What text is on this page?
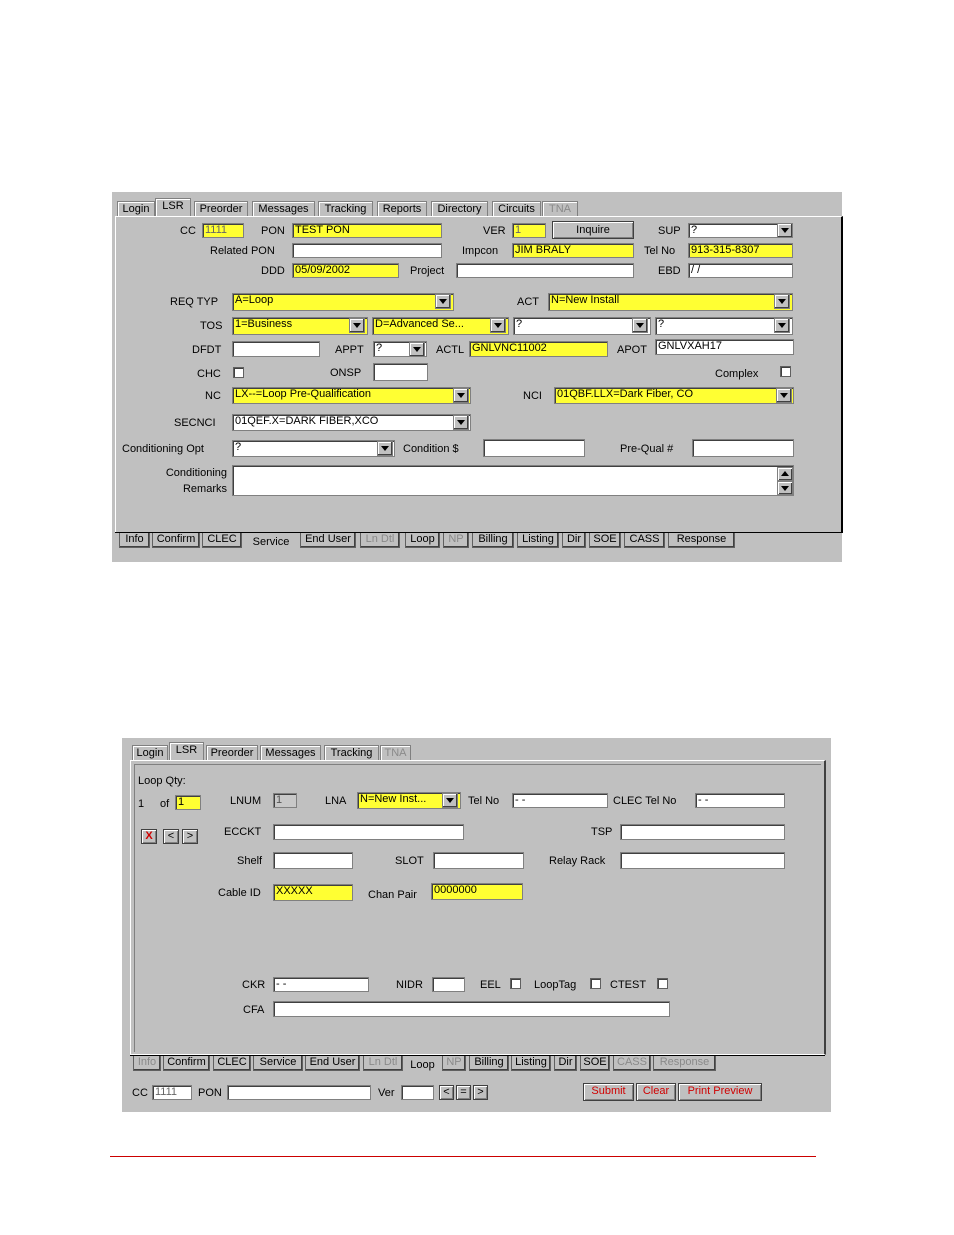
Login	LSR	Preorder	Messages	Tracking	Reports	Directory	Circuits	TNA
CC 1111	PON TEST PON	VER 1	Inquire	SUP ?
Related PON	Impcon JIM BRALY	Tel No 913-315-8307
DDD 05/09/2002	Project	EBD / /
REQ TYP A=Loop	ACT N=New Install
TOS 1=Business	D=Advanced Se...	?	?
DFDT	APPT ?	ACTL GNLVNC11002	APOT GNLVXAH17
CHC	ONSP	Complex
NC LX--=Loop Pre-Qualification	NCI 01QBF.LLX=Dark Fiber, CO
SECNCI 01QEF.X=DARK FIBER,XCO
Conditioning Opt	?	Condition $	Pre-Qual #
Conditioning
Remarks
Info	Confirm	CLEC	Service	End User	Ln Dtl	Loop	NP	Billing	Listing	Dir	SOE	CASS	Response
Login	LSR	Preorder	Messages	Tracking	TNA
Loop Qty:
1 of 1	LNUM 1	LNA N=New Inst...	Tel No - -	CLEC Tel No - -
X	<	>	ECCKT	TSP
Shelf	SLOT	Relay Rack
Cable ID XXXXX	Chan Pair 0000000
CKR - -	NIDR	EEL	LoopTag	CTEST
CFA
Info	Confirm	CLEC	Service	End User	Ln Dtl	Loop	NP	Billing	Listing	Dir SOE CASS	Response
CC 1111	PON	Ver	< = >	Submit	Clear	Print Preview
